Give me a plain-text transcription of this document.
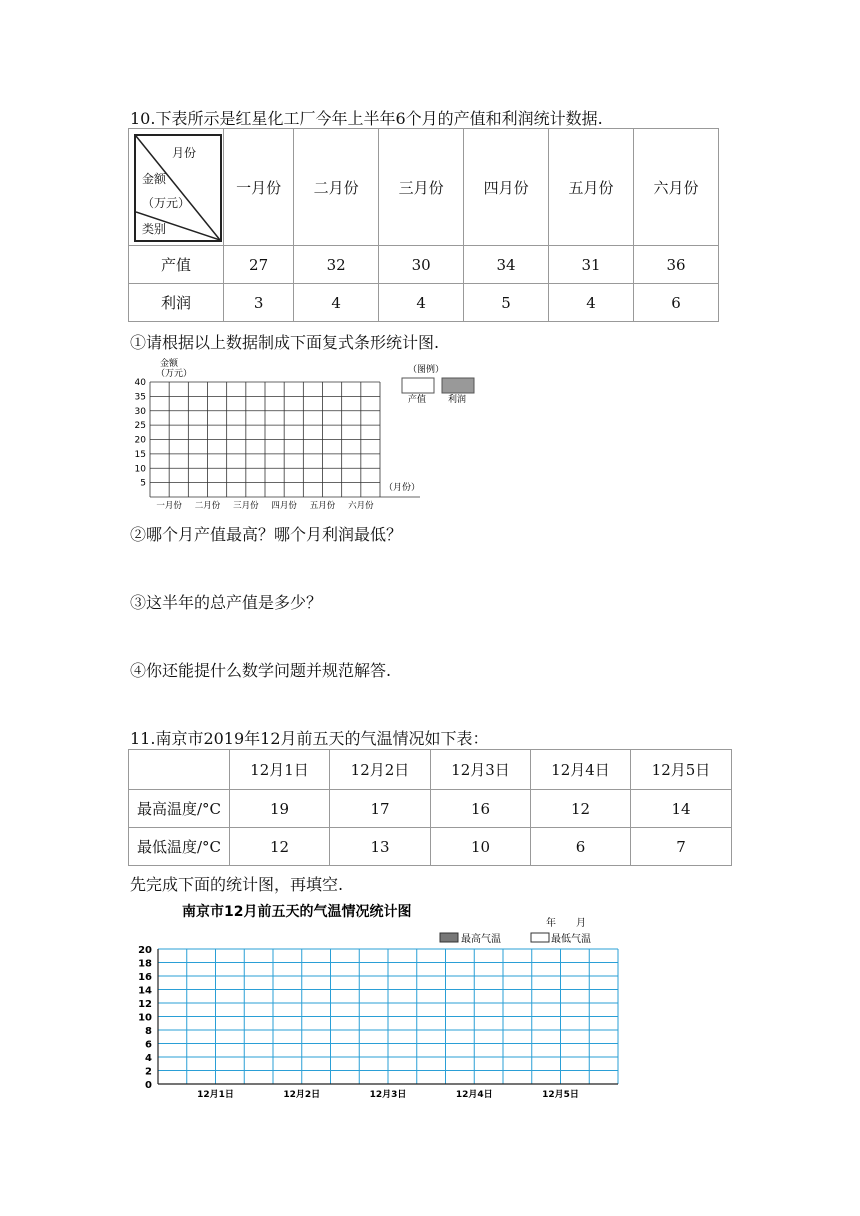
10.下表所示是红星化工厂今年上半年6个月的产值和利润统计数据.
月份
金额
（万元）
类别	一月份	二月份	三月份	四月份	五月份	六月份
产值	27	32	30	34	31	36
利润	3	4	4	5	4	6
①请根据以上数据制成下面复式条形统计图.
金额
（万元）
40
35
30
25
20
15
10
5
一月份 二月份 三月份 四月份 五月份 六月份
（月份）
（图例）
产值 利润
②哪个月产值最高？哪个月利润最低？
③这半年的总产值是多少？
④你还能提什么数学问题并规范解答.
11.南京市2019年12月前五天的气温情况如下表：
	12月1日	12月2日	12月3日	12月4日	12月5日
最高温度/°C	19	17	16	12	14
最低温度/°C	12	13	10	6	7
先完成下面的统计图，再填空.
南京市12月前五天的气温情况统计图
年　　月
最高气温	最低气温
20
18
16
14
12
10
8
6
4
2
0
12月1日	12月2日	12月3日	12月4日	12月5日
